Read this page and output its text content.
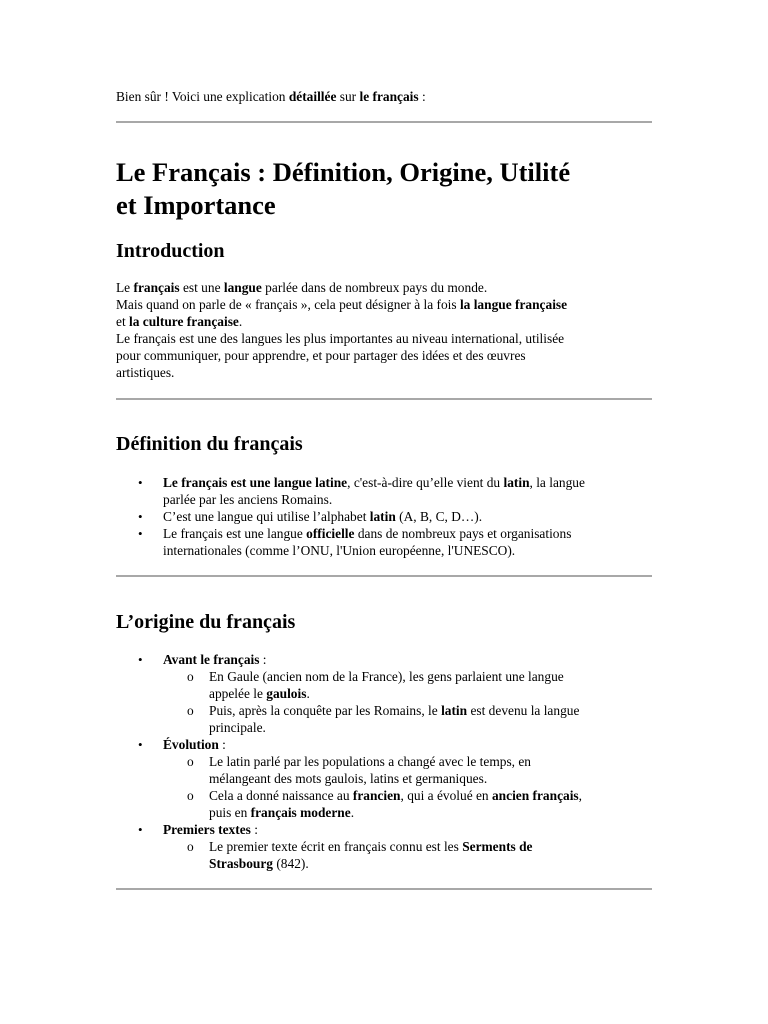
Bien sûr ! Voici une explication détaillée sur le français :
Le Français : Définition, Origine, Utilité
et Importance
Introduction
Le français est une langue parlée dans de nombreux pays du monde.
Mais quand on parle de « français », cela peut désigner à la fois la langue française
et la culture française.
Le français est une des langues les plus importantes au niveau international, utilisée
pour communiquer, pour apprendre, et pour partager des idées et des œuvres
artistiques.
Définition du français
• Le français est une langue latine, c'est-à-dire qu’elle vient du latin, la langue
parlée par les anciens Romains.
• C’est une langue qui utilise l’alphabet latin (A, B, C, D…).
• Le français est une langue officielle dans de nombreux pays et organisations
internationales (comme l’ONU, l'Union européenne, l'UNESCO).
L’origine du français
• Avant le français :
o En Gaule (ancien nom de la France), les gens parlaient une langue
appelée le gaulois.
o Puis, après la conquête par les Romains, le latin est devenu la langue
principale.
• Évolution :
o Le latin parlé par les populations a changé avec le temps, en
mélangeant des mots gaulois, latins et germaniques.
o Cela a donné naissance au francien, qui a évolué en ancien français,
puis en français moderne.
• Premiers textes :
o Le premier texte écrit en français connu est les Serments de
Strasbourg (842).
